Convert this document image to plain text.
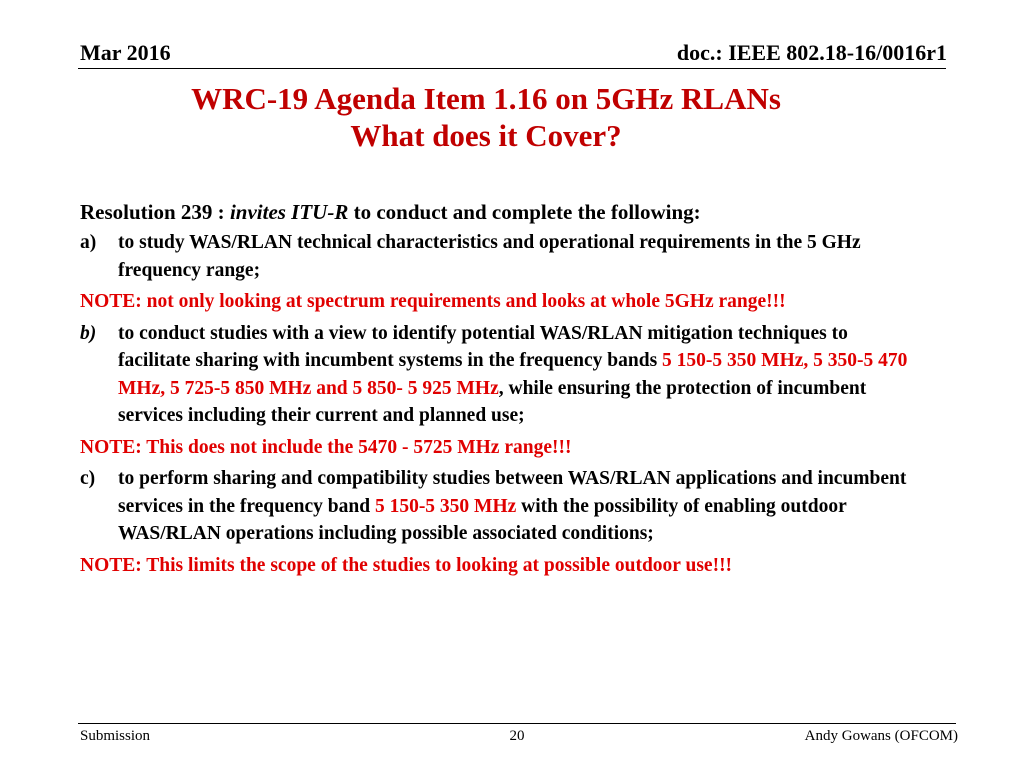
Mar 2016	doc.: IEEE 802.18-16/0016r1
WRC-19 Agenda Item 1.16 on 5GHz RLANs
What does it Cover?

Resolution 239 : invites ITU-R to conduct and complete the following:

a) to study WAS/RLAN technical characteristics and operational requirements in the 5 GHz frequency range;

NOTE: not only looking at spectrum requirements and looks at whole 5GHz range!!!

b) to conduct studies with a view to identify potential WAS/RLAN mitigation techniques to facilitate sharing with incumbent systems in the frequency bands 5 150-5 350 MHz, 5 350-5 470 MHz, 5 725-5 850 MHz and 5 850- 5 925 MHz, while ensuring the protection of incumbent services including their current and planned use;

NOTE: This does not include the 5470 - 5725 MHz range!!!

c) to perform sharing and compatibility studies between WAS/RLAN applications and incumbent services in the frequency band 5 150-5 350 MHz with the possibility of enabling outdoor WAS/RLAN operations including possible associated conditions;

NOTE: This limits the scope of the studies to looking at possible outdoor use!!!

Submission	20	Andy Gowans (OFCOM)
